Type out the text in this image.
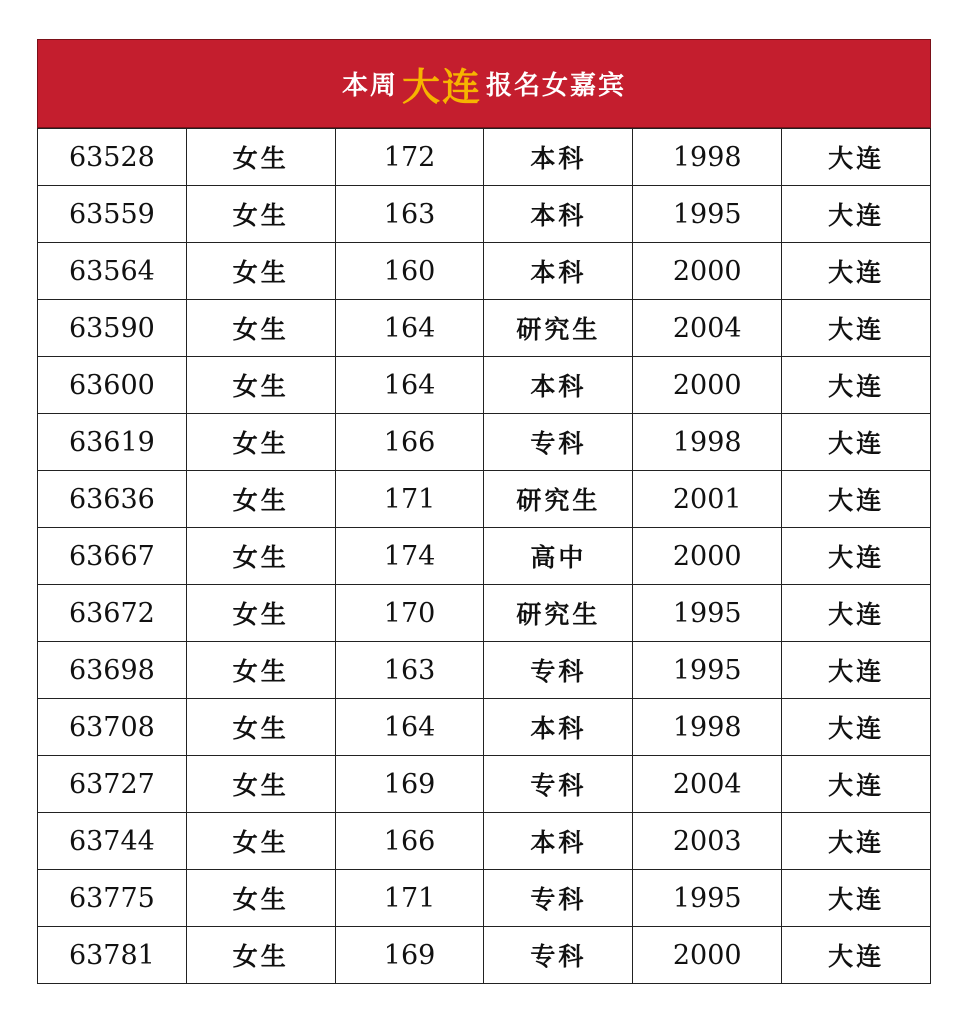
本周 大连 报名女嘉宾
63528	女生	172	本科	1998	大连
63559	女生	163	本科	1995	大连
63564	女生	160	本科	2000	大连
63590	女生	164	研究生	2004	大连
63600	女生	164	本科	2000	大连
63619	女生	166	专科	1998	大连
63636	女生	171	研究生	2001	大连
63667	女生	174	高中	2000	大连
63672	女生	170	研究生	1995	大连
63698	女生	163	专科	1995	大连
63708	女生	164	本科	1998	大连
63727	女生	169	专科	2004	大连
63744	女生	166	本科	2003	大连
63775	女生	171	专科	1995	大连
63781	女生	169	专科	2000	大连
